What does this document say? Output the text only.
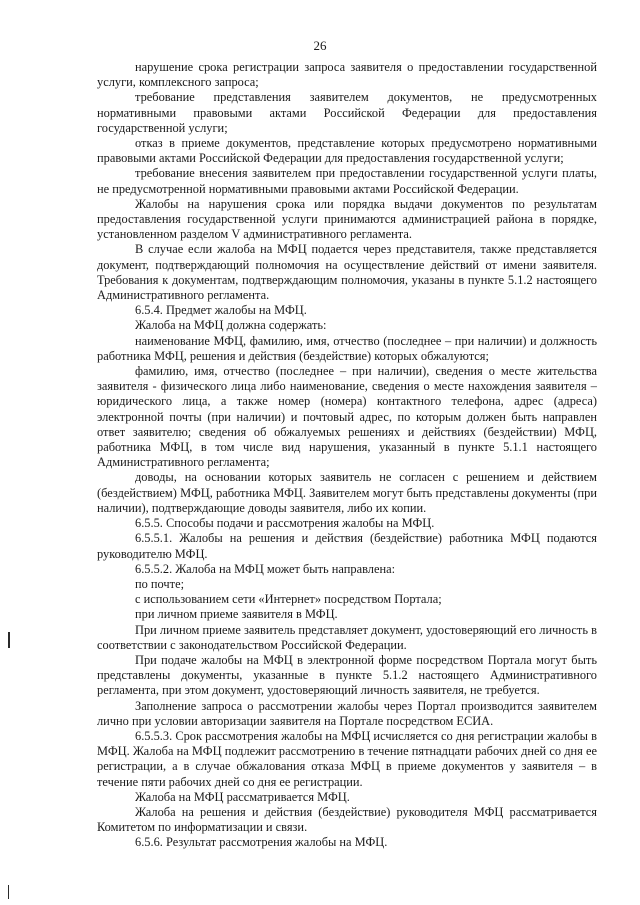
26

нарушение срока регистрации запроса заявителя о предоставлении государственной услуги, комплексного запроса;

требование представления заявителем документов, не предусмотренных нормативными правовыми актами Российской Федерации для предоставления государственной услуги;

отказ в приеме документов, представление которых предусмотрено нормативными правовыми актами Российской Федерации для предоставления государственной услуги;

требование внесения заявителем при предоставлении государственной услуги платы, не предусмотренной нормативными правовыми актами Российской Федерации.

Жалобы на нарушения срока или порядка выдачи документов по результатам предоставления государственной услуги принимаются администрацией района в порядке, установленном разделом V административного регламента.

В случае если жалоба на МФЦ подается через представителя, также представляется документ, подтверждающий полномочия на осуществление действий от имени заявителя. Требования к документам, подтверждающим полномочия, указаны в пункте 5.1.2 настоящего Административного регламента.

6.5.4. Предмет жалобы на МФЦ.

Жалоба на МФЦ должна содержать:

наименование МФЦ, фамилию, имя, отчество (последнее – при наличии) и должность работника МФЦ, решения и действия (бездействие) которых обжалуются;

фамилию, имя, отчество (последнее – при наличии), сведения о месте жительства заявителя - физического лица либо наименование, сведения о месте нахождения заявителя – юридического лица, а также номер (номера) контактного телефона, адрес (адреса) электронной почты (при наличии) и почтовый адрес, по которым должен быть направлен ответ заявителю; сведения об обжалуемых решениях и действиях (бездействии) МФЦ, работника МФЦ, в том числе вид нарушения, указанный в пункте 5.1.1 настоящего Административного регламента;

доводы, на основании которых заявитель не согласен с решением и действием (бездействием) МФЦ, работника МФЦ. Заявителем могут быть представлены документы (при наличии), подтверждающие доводы заявителя, либо их копии.

6.5.5. Способы подачи и рассмотрения жалобы на МФЦ.

6.5.5.1. Жалобы на решения и действия (бездействие) работника МФЦ подаются руководителю МФЦ.

6.5.5.2. Жалоба на МФЦ может быть направлена:

по почте;

с использованием сети «Интернет» посредством Портала;

при личном приеме заявителя в МФЦ.

При личном приеме заявитель представляет документ, удостоверяющий его личность в соответствии с законодательством Российской Федерации.

При подаче жалобы на МФЦ в электронной форме посредством Портала могут быть представлены документы, указанные в пункте 5.1.2 настоящего Административного регламента, при этом документ, удостоверяющий личность заявителя, не требуется.

Заполнение запроса о рассмотрении жалобы через Портал производится заявителем лично при условии авторизации заявителя на Портале посредством ЕСИА.

6.5.5.3. Срок рассмотрения жалобы на МФЦ исчисляется со дня регистрации жалобы в МФЦ. Жалоба на МФЦ подлежит рассмотрению в течение пятнадцати рабочих дней со дня ее регистрации, а в случае обжалования отказа МФЦ в приеме документов у заявителя – в течение пяти рабочих дней со дня ее регистрации.

Жалоба на МФЦ рассматривается МФЦ.

Жалоба на решения и действия (бездействие) руководителя МФЦ рассматривается Комитетом по информатизации и связи.

6.5.6. Результат рассмотрения жалобы на МФЦ.
